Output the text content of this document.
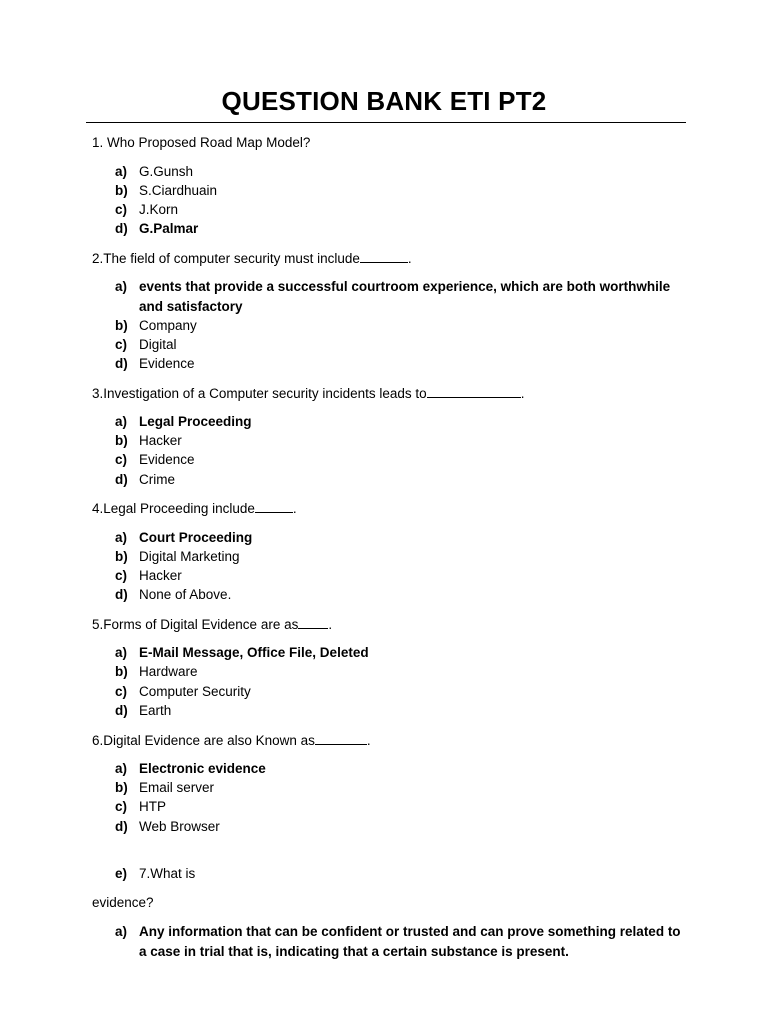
QUESTION BANK ETI PT2
1. Who Proposed Road Map Model?
a) G.Gunsh
b) S.Ciardhuain
c) J.Korn
d) G.Palmar
2.The field of computer security must include	.
a) events that provide a successful courtroom experience, which are both worthwhile and satisfactory
b) Company
c) Digital
d) Evidence
3.Investigation of a Computer security incidents leads to	.
a) Legal Proceeding
b) Hacker
c) Evidence
d) Crime
4.Legal Proceeding include	.
a) Court Proceeding
b) Digital Marketing
c) Hacker
d) None of Above.
5.Forms of Digital Evidence are as .
a) E-Mail Message, Office File, Deleted
b) Hardware
c) Computer Security
d) Earth
6.Digital Evidence are also Known as	.
a) Electronic evidence
b) Email server
c) HTP
d) Web Browser
e) 7.What is
evidence?
a) Any information that can be confident or trusted and can prove something related to a case in trial that is, indicating that a certain substance is present.
